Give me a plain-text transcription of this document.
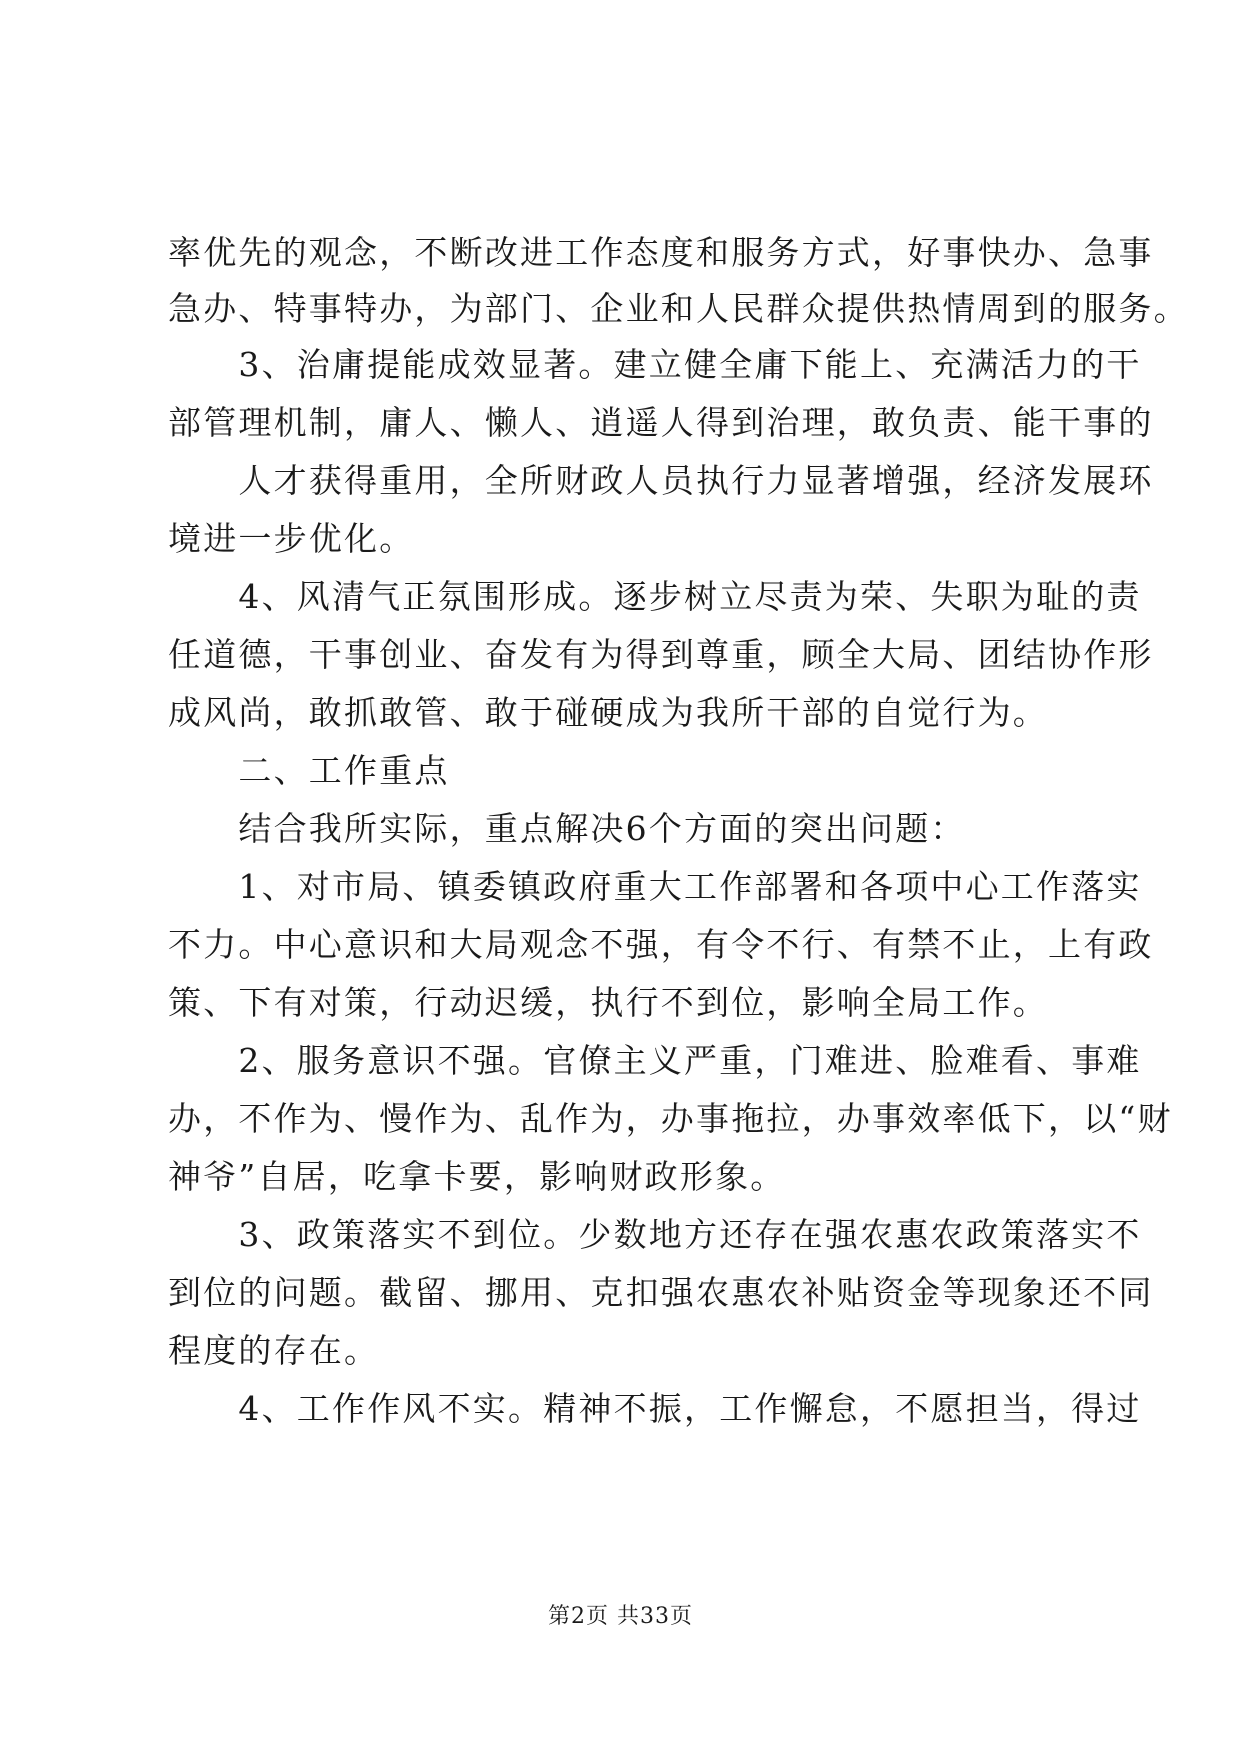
率优先的观念，不断改进工作态度和服务方式，好事快办、急事
急办、特事特办，为部门、企业和人民群众提供热情周到的服务。
　　3、治庸提能成效显著。建立健全庸下能上、充满活力的干
部管理机制，庸人、懒人、逍遥人得到治理，敢负责、能干事的
　　人才获得重用，全所财政人员执行力显著增强，经济发展环
境进一步优化。
　　4、风清气正氛围形成。逐步树立尽责为荣、失职为耻的责
任道德，干事创业、奋发有为得到尊重，顾全大局、团结协作形
成风尚，敢抓敢管、敢于碰硬成为我所干部的自觉行为。
　　二、工作重点
　　结合我所实际，重点解决6个方面的突出问题：
　　1、对市局、镇委镇政府重大工作部署和各项中心工作落实
不力。中心意识和大局观念不强，有令不行、有禁不止，上有政
策、下有对策，行动迟缓，执行不到位，影响全局工作。
　　2、服务意识不强。官僚主义严重，门难进、脸难看、事难
办，不作为、慢作为、乱作为，办事拖拉，办事效率低下，以“财
神爷”自居，吃拿卡要，影响财政形象。
　　3、政策落实不到位。少数地方还存在强农惠农政策落实不
到位的问题。截留、挪用、克扣强农惠农补贴资金等现象还不同
程度的存在。
　　4、工作作风不实。精神不振，工作懈怠，不愿担当，得过
第2页 共33页
